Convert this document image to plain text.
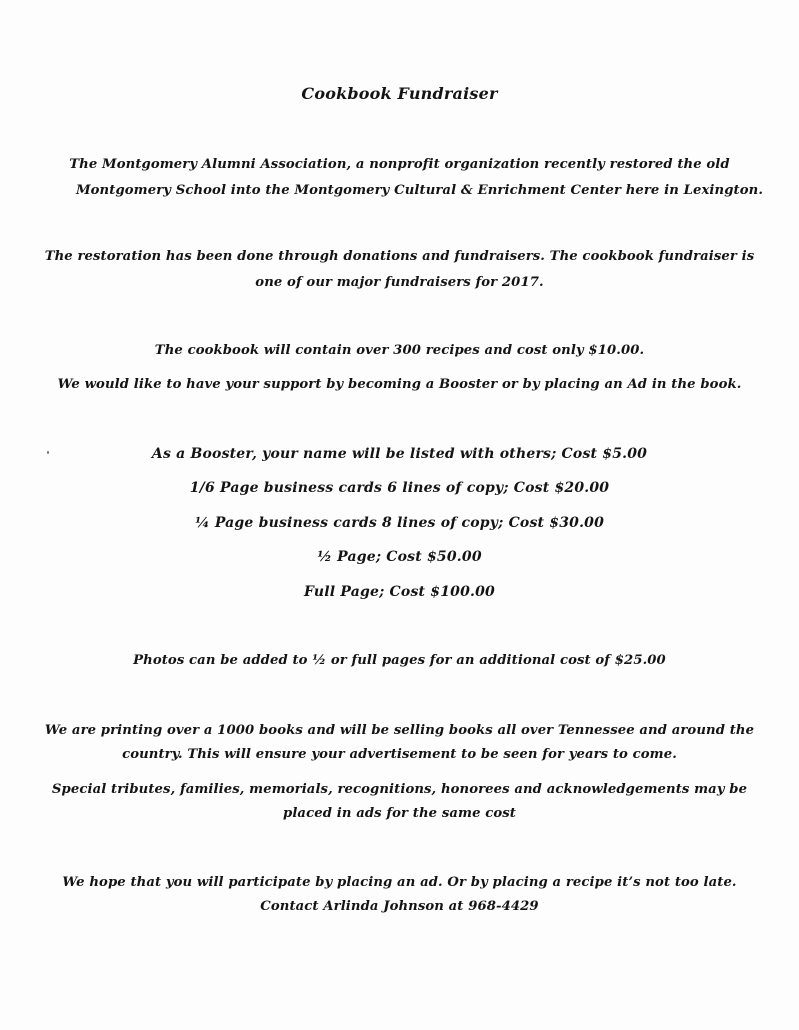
Cookbook Fundraiser
The Montgomery Alumni Association, a nonprofit organization recently restored the old
Montgomery School into the Montgomery Cultural & Enrichment Center here in Lexington.
The restoration has been done through donations and fundraisers. The cookbook fundraiser is
one of our major fundraisers for 2017.
The cookbook will contain over 300 recipes and cost only $10.00.
We would like to have your support by becoming a Booster or by placing an Ad in the book.
As a Booster, your name will be listed with others; Cost $5.00
1/6 Page business cards 6 lines of copy; Cost $20.00
¼ Page business cards 8 lines of copy; Cost $30.00
½ Page; Cost $50.00
Full Page; Cost $100.00
Photos can be added to ½ or full pages for an additional cost of $25.00
We are printing over a 1000 books and will be selling books all over Tennessee and around the
country. This will ensure your advertisement to be seen for years to come.
Special tributes, families, memorials, recognitions, honorees and acknowledgements may be
placed in ads for the same cost
We hope that you will participate by placing an ad. Or by placing a recipe it’s not too late.
Contact Arlinda Johnson at 968-4429
